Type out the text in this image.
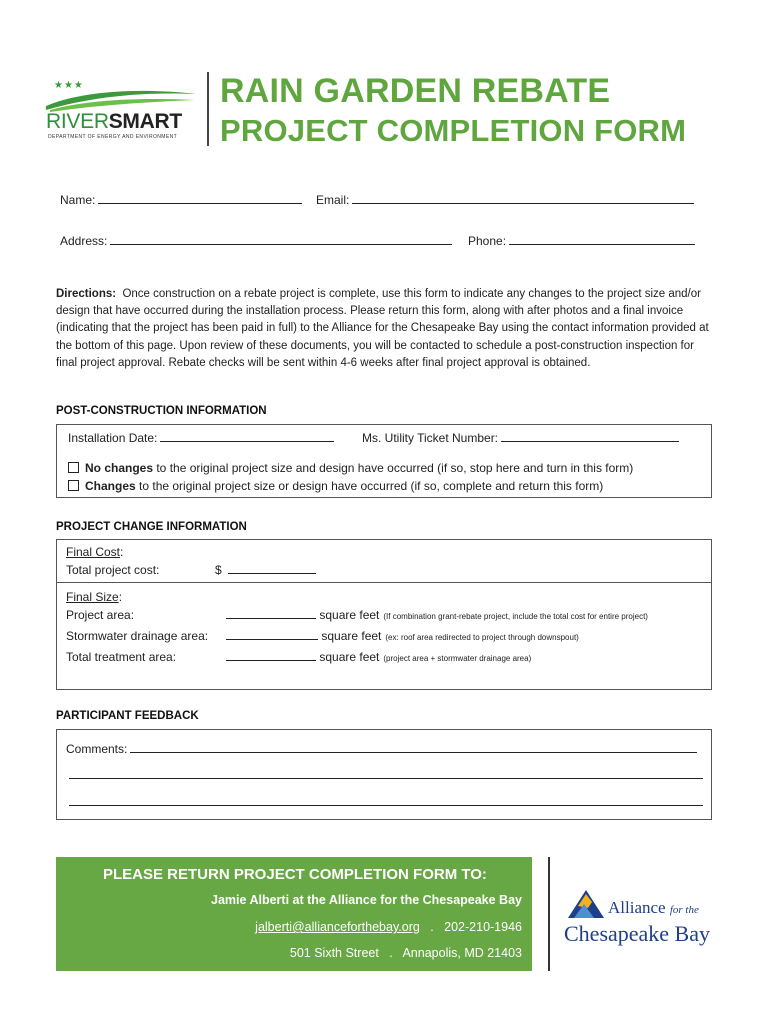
★★★
RIVERSMART
DEPARTMENT OF ENERGY AND ENVIRONMENT
RAIN GARDEN REBATE
PROJECT COMPLETION FORM
Name:	Email:
Address:	Phone:
Directions: Once construction on a rebate project is complete, use this form to indicate any changes to the project size and/or design that have occurred during the installation process. Please return this form, along with after photos and a final invoice (indicating that the project has been paid in full) to the Alliance for the Chesapeake Bay using the contact information provided at the bottom of this page. Upon review of these documents, you will be contacted to schedule a post-construction inspection for final project approval. Rebate checks will be sent within 4-6 weeks after final project approval is obtained.
POST-CONSTRUCTION INFORMATION
Installation Date:	Ms. Utility Ticket Number:
No changes to the original project size and design have occurred (if so, stop here and turn in this form)
Changes to the original project size or design have occurred (if so, complete and return this form)
PROJECT CHANGE INFORMATION
Final Cost:
Total project cost:	$
Final Size:
Project area:	square feet (If combination grant-rebate project, include the total cost for entire project)
Stormwater drainage area:	square feet (ex: roof area redirected to project through downspout)
Total treatment area:	square feet (project area + stormwater drainage area)
PARTICIPANT FEEDBACK
Comments:
PLEASE RETURN PROJECT COMPLETION FORM TO:
Jamie Alberti at the Alliance for the Chesapeake Bay
jalberti@allianceforthebay.org . 202-210-1946
501 Sixth Street . Annapolis, MD 21403
Alliance for the
Chesapeake Bay
